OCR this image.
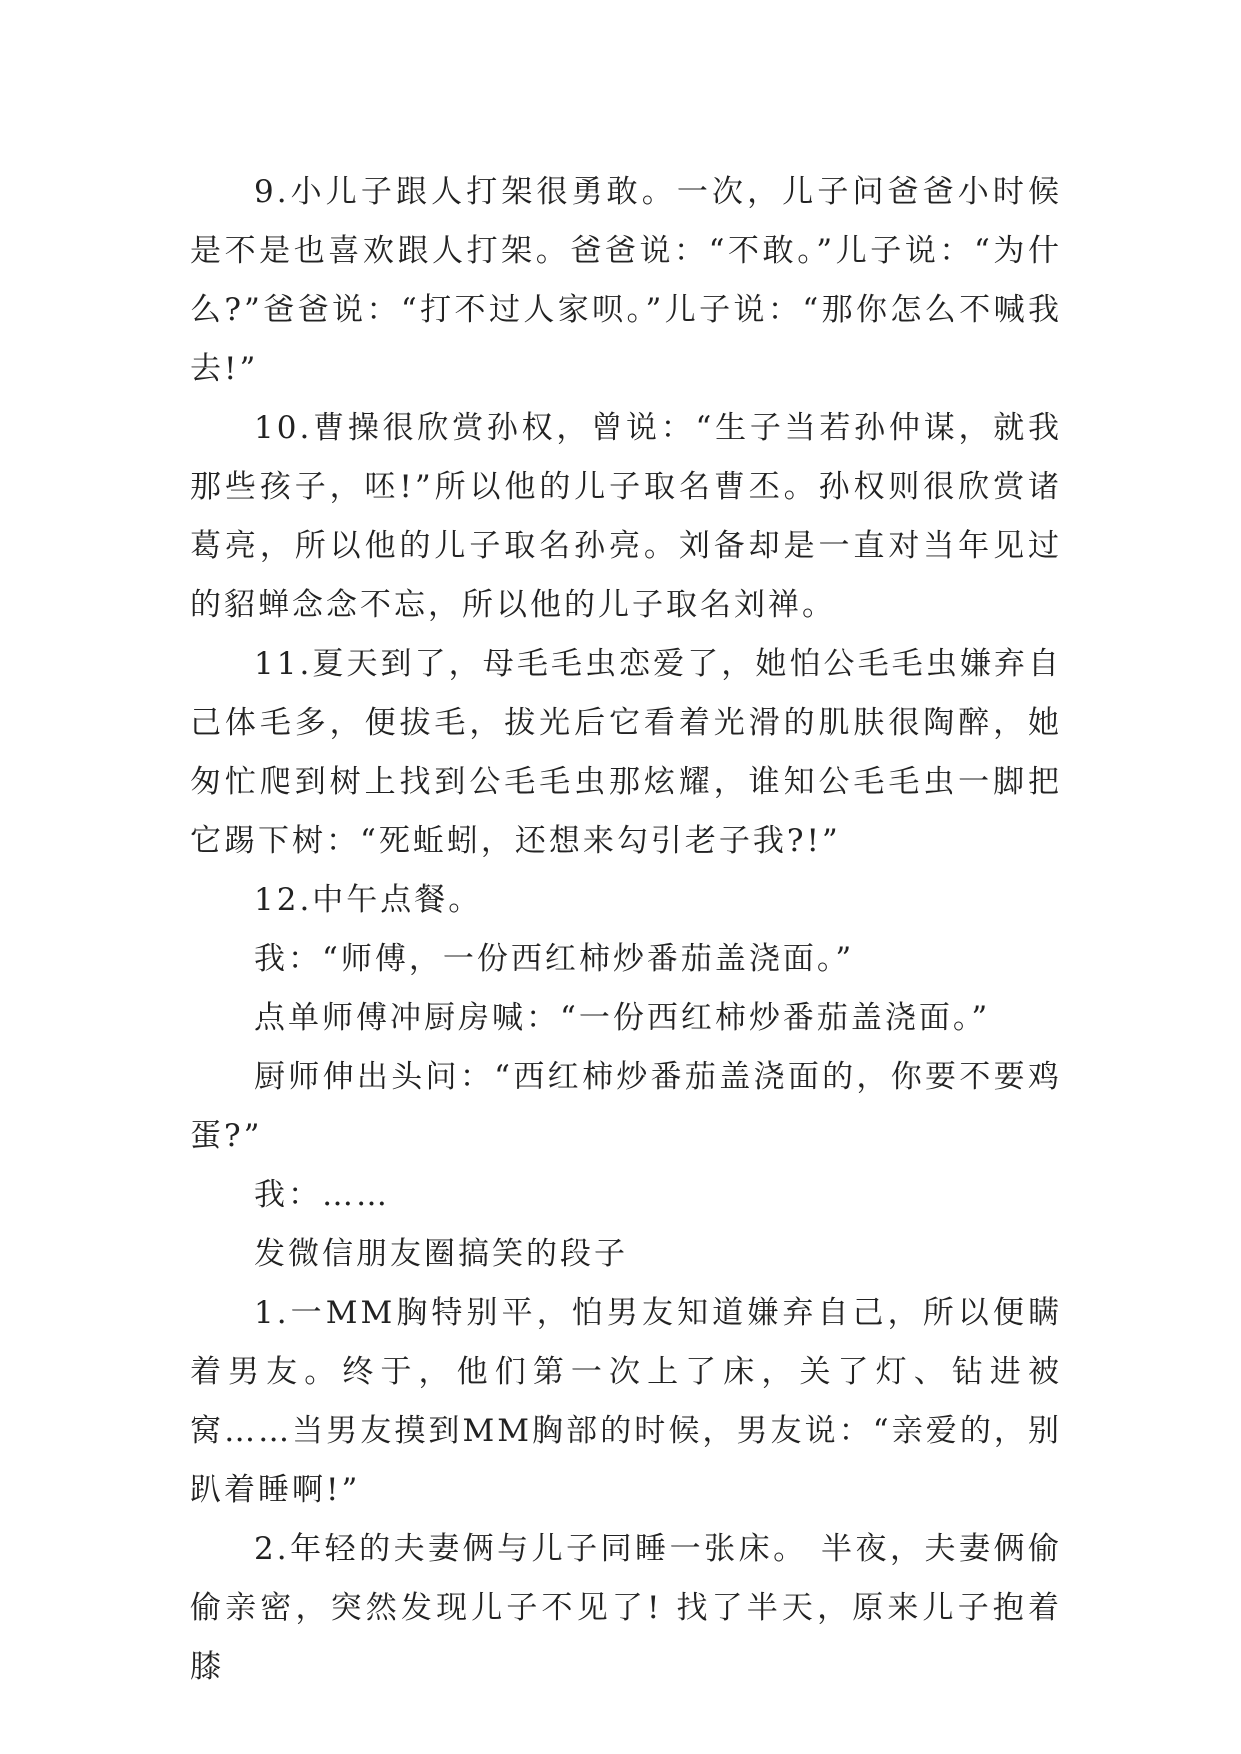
9.小儿子跟人打架很勇敢。一次，儿子问爸爸小时候是不是也喜欢跟人打架。爸爸说：“不敢。”儿子说：“为什么?”爸爸说：“打不过人家呗。”儿子说：“那你怎么不喊我去!”

10.曹操很欣赏孙权，曾说：“生子当若孙仲谋，就我那些孩子，呸!”所以他的儿子取名曹丕。孙权则很欣赏诸葛亮，所以他的儿子取名孙亮。刘备却是一直对当年见过的貂蝉念念不忘，所以他的儿子取名刘禅。

11.夏天到了，母毛毛虫恋爱了，她怕公毛毛虫嫌弃自己体毛多，便拔毛，拔光后它看着光滑的肌肤很陶醉，她匆忙爬到树上找到公毛毛虫那炫耀，谁知公毛毛虫一脚把它踢下树：“死蚯蚓，还想来勾引老子我?!”

12.中午点餐。

我：“师傅，一份西红柿炒番茄盖浇面。”

点单师傅冲厨房喊：“一份西红柿炒番茄盖浇面。”

厨师伸出头问：“西红柿炒番茄盖浇面的，你要不要鸡蛋?”

我：……

发微信朋友圈搞笑的段子

1.一MM胸特别平，怕男友知道嫌弃自己，所以便瞒着男友。终于，他们第一次上了床，关了灯、钻进被窝……当男友摸到MM胸部的时候，男友说：“亲爱的，别趴着睡啊!”

2.年轻的夫妻俩与儿子同睡一张床。 半夜，夫妻俩偷偷亲密，突然发现儿子不见了! 找了半天，原来儿子抱着膝
